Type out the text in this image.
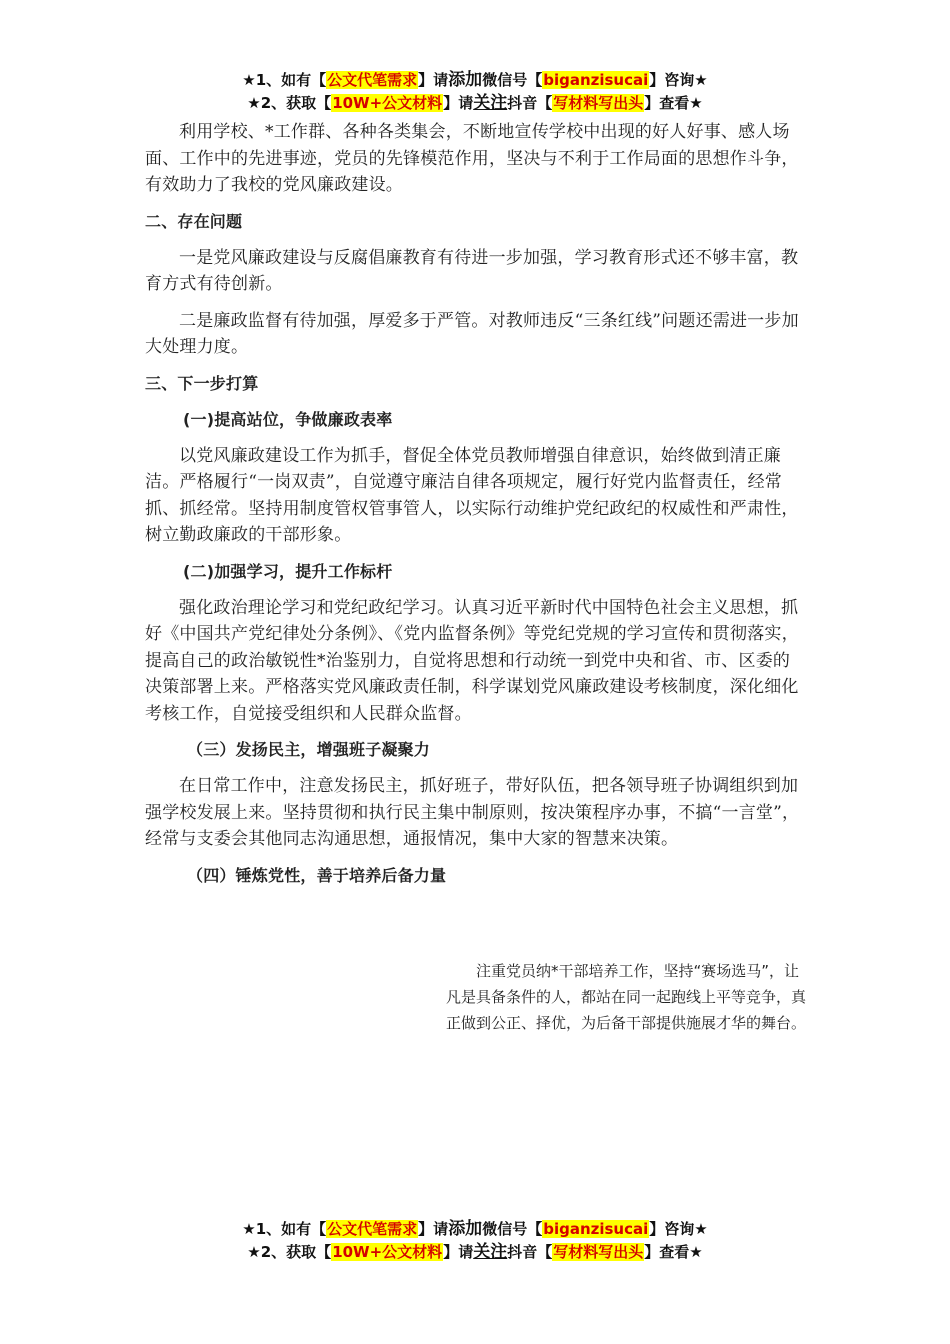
★1、如有【公文代笔需求】请添加微信号【biganzisucai】咨询★
★2、获取【10W+公文材料】请关注抖音【写材料写出头】查看★

利用学校、*工作群、各种各类集会，不断地宣传学校中出现的好人好事、感人场面、工作中的先进事迹，党员的先锋模范作用，坚决与不利于工作局面的思想作斗争，有效助力了我校的党风廉政建设。

二、存在问题

一是党风廉政建设与反腐倡廉教育有待进一步加强，学习教育形式还不够丰富，教育方式有待创新。

二是廉政监督有待加强，厚爱多于严管。对教师违反“三条红线”问题还需进一步加大处理力度。

三、下一步打算

(一)提高站位，争做廉政表率

以党风廉政建设工作为抓手，督促全体党员教师增强自律意识，始终做到清正廉洁。严格履行“一岗双责”，自觉遵守廉洁自律各项规定，履行好党内监督责任，经常抓、抓经常。坚持用制度管权管事管人，以实际行动维护党纪政纪的权威性和严肃性，树立勤政廉政的干部形象。

(二)加强学习，提升工作标杆

强化政治理论学习和党纪政纪学习。认真习近平新时代中国特色社会主义思想，抓好《中国共产党纪律处分条例》、《党内监督条例》等党纪党规的学习宣传和贯彻落实，提高自己的政治敏锐性*治鉴别力，自觉将思想和行动统一到党中央和省、市、区委的决策部署上来。严格落实党风廉政责任制，科学谋划党风廉政建设考核制度，深化细化考核工作，自觉接受组织和人民群众监督。

（三）发扬民主，增强班子凝聚力

在日常工作中，注意发扬民主，抓好班子，带好队伍，把各领导班子协调组织到加强学校发展上来。坚持贯彻和执行民主集中制原则，按决策程序办事，不搞“一言堂”，经常与支委会其他同志沟通思想，通报情况，集中大家的智慧来决策。

（四）锤炼党性，善于培养后备力量

注重党员纳*干部培养工作，坚持“赛场选马”，让凡是具备条件的人，都站在同一起跑线上平等竞争，真正做到公正、择优，为后备干部提供施展才华的舞台。

★1、如有【公文代笔需求】请添加微信号【biganzisucai】咨询★
★2、获取【10W+公文材料】请关注抖音【写材料写出头】查看★
